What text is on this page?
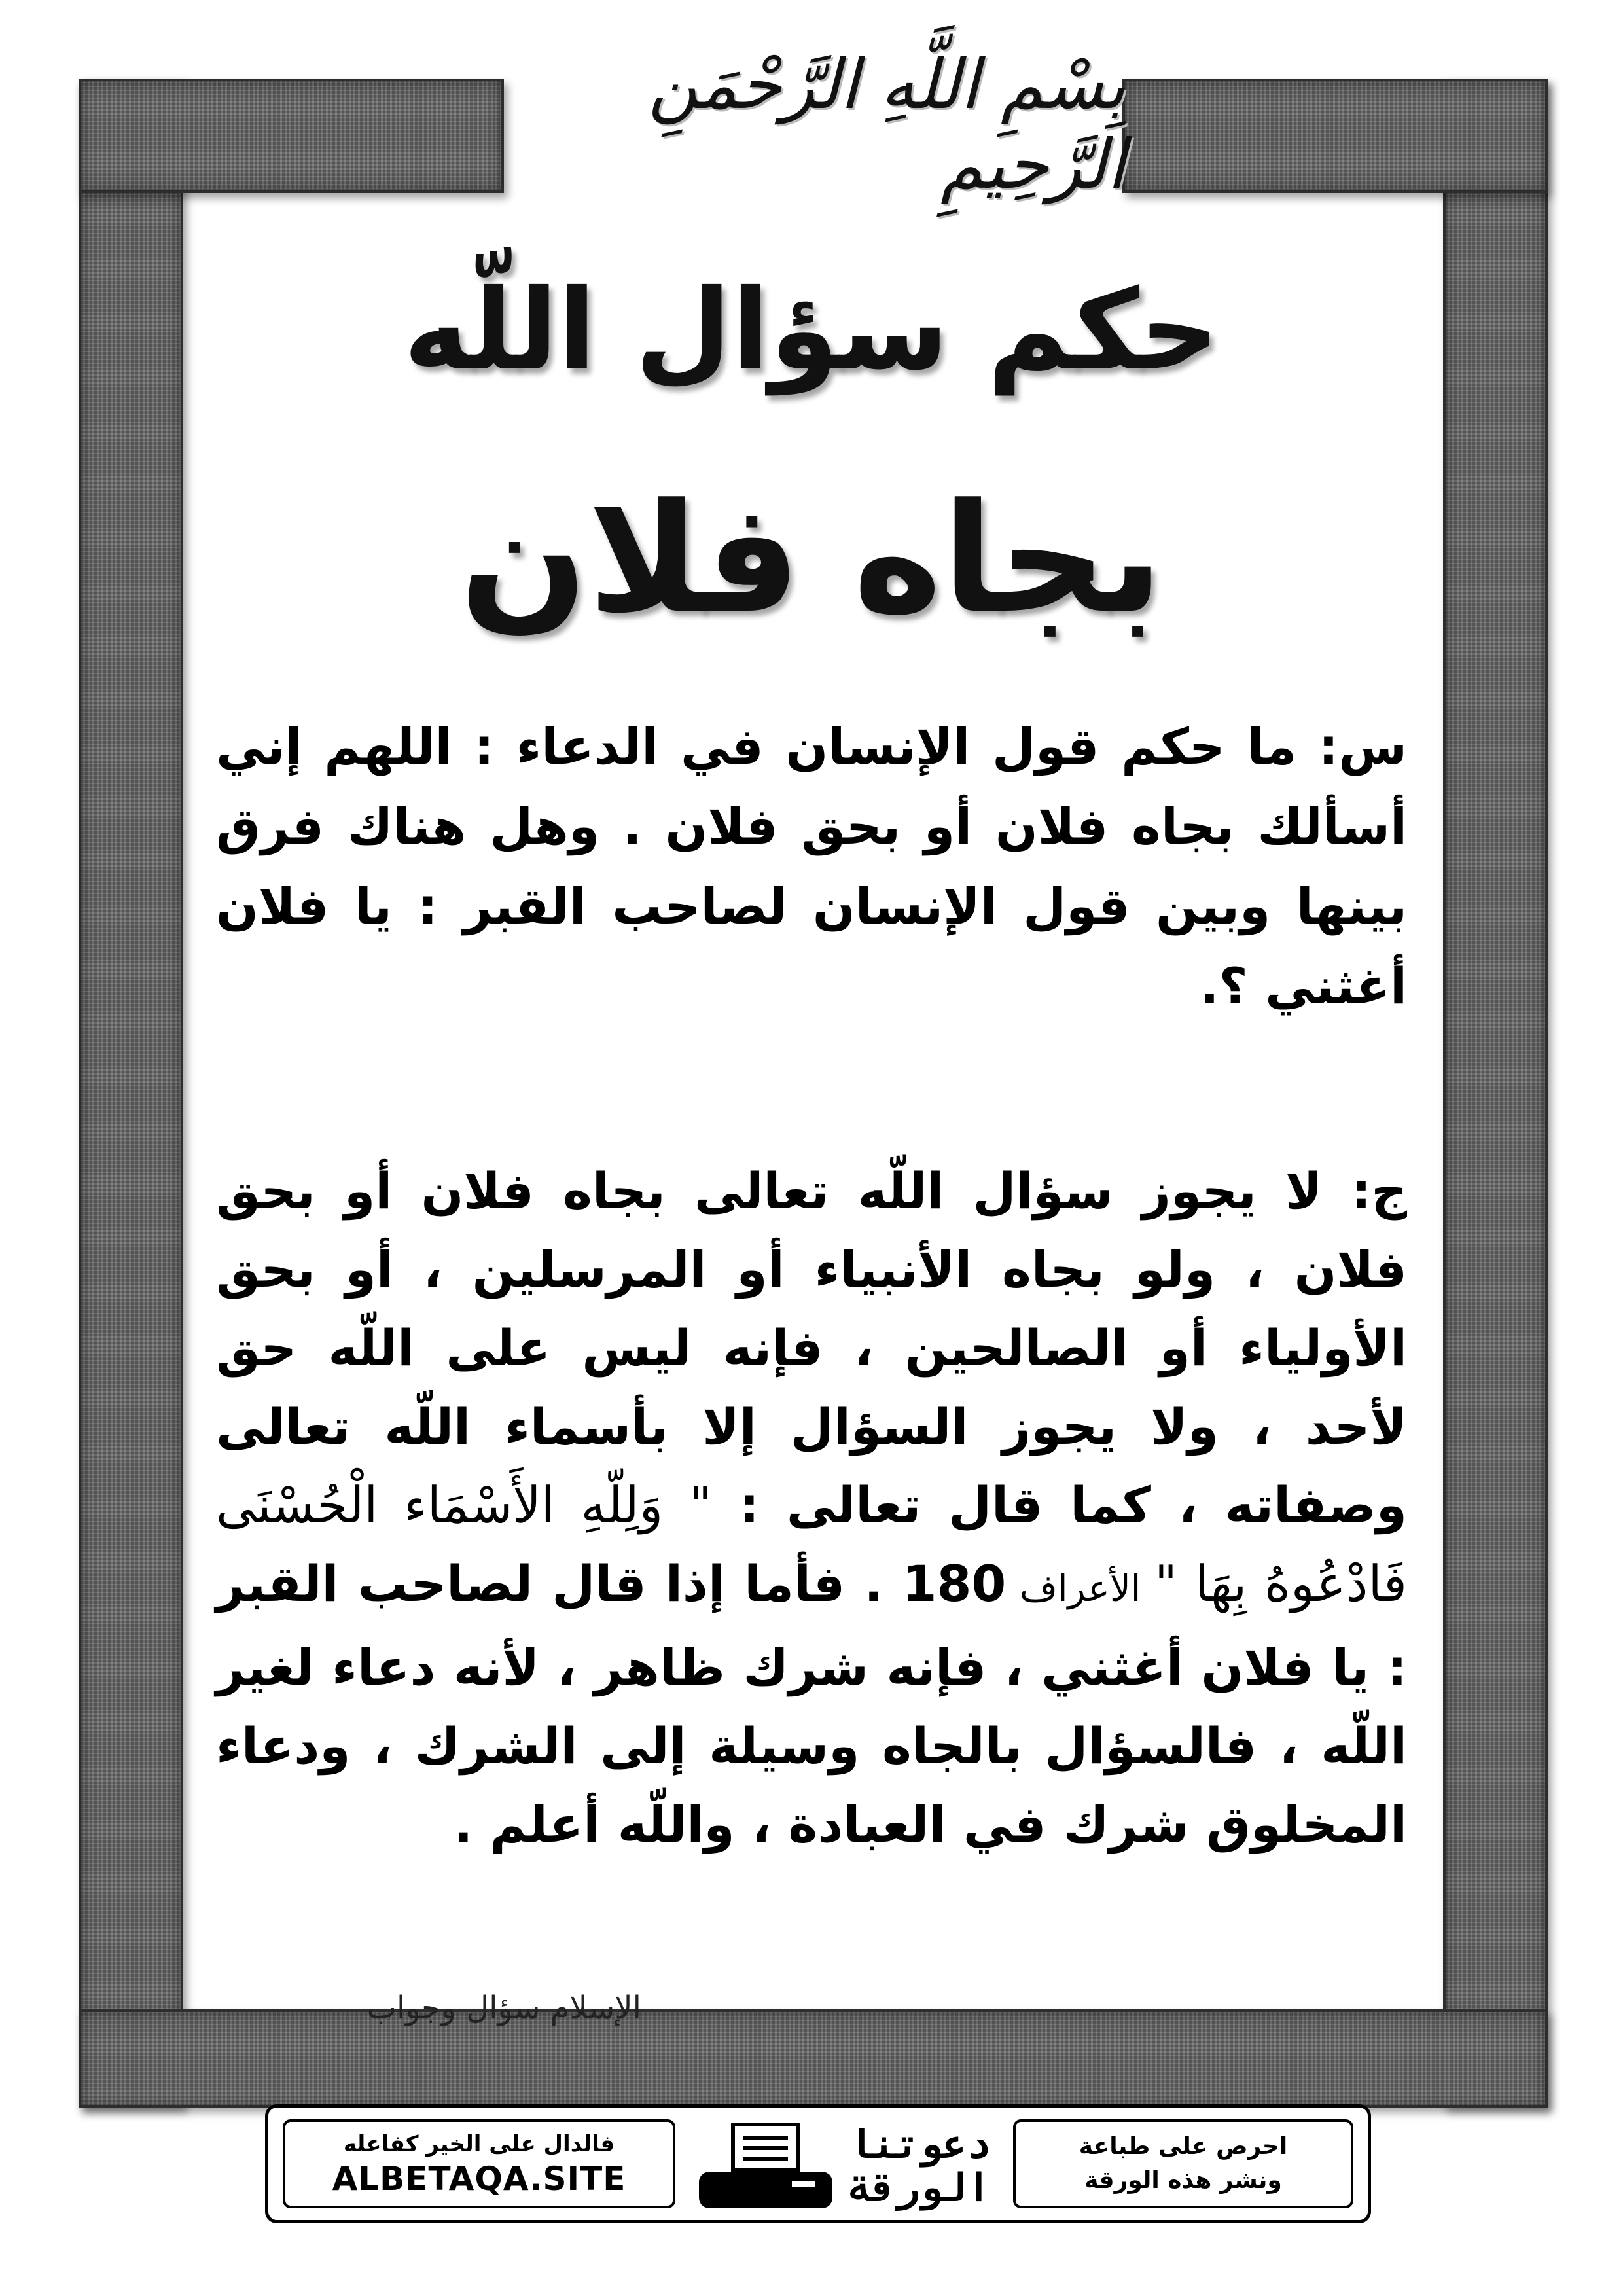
بِسْمِ اللَّهِ الرَّحْمَنِ الرَّحِيمِ
حكم سؤال اللّه
بجاه فلان
س: ما حكم قول الإنسان في الدعاء : اللهم إني أسألك بجاه فلان أو بحق فلان . وهل هناك فرق بينها وبين قول الإنسان لصاحب القبر : يا فلان أغثني ؟.
ج: لا يجوز سؤال اللّه تعالى بجاه فلان أو بحق فلان ، ولو بجاه الأنبياء أو المرسلين ، أو بحق الأولياء أو الصالحين ، فإنه ليس على اللّه حق لأحد ، ولا يجوز السؤال إلا بأسماء اللّه تعالى وصفاته ، كما قال تعالى : " وَلِلّهِ الأَسْمَاء الْحُسْنَى فَادْعُوهُ بِهَا " الأعراف 180 . فأما إذا قال لصاحب القبر : يا فلان أغثني ، فإنه شرك ظاهر ، لأنه دعاء لغير اللّه ، فالسؤال بالجاه وسيلة إلى الشرك ، ودعاء المخلوق شرك في العبادة ، واللّه أعلم .
الإسلام سؤال وجواب
فالدال على الخير كفاعله
ALBETAQA.SITE
دعوتنا
الورقة
احرص على طباعة
ونشر هذه الورقة
